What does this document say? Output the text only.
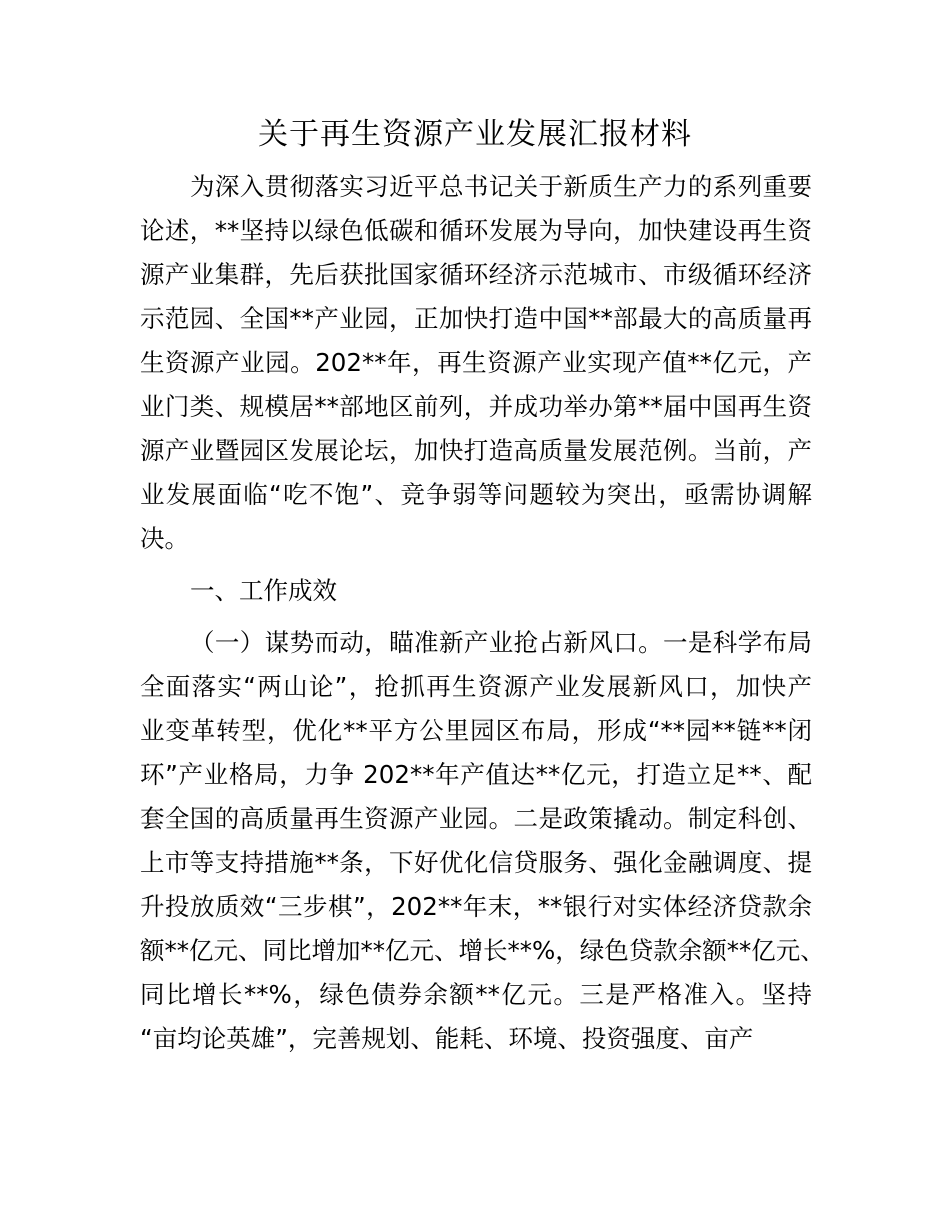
关于再生资源产业发展汇报材料
为深入贯彻落实习近平总书记关于新质生产力的系列重要
论述，**坚持以绿色低碳和循环发展为导向，加快建设再生资
源产业集群，先后获批国家循环经济示范城市、市级循环经济
示范园、全国**产业园，正加快打造中国**部最大的高质量再
生资源产业园。202**年，再生资源产业实现产值**亿元，产
业门类、规模居**部地区前列，并成功举办第**届中国再生资
源产业暨园区发展论坛，加快打造高质量发展范例。当前，产
业发展面临“吃不饱”、竞争弱等问题较为突出，亟需协调解
决。
一、工作成效
（一）谋势而动，瞄准新产业抢占新风口。一是科学布局
全面落实“两山论”，抢抓再生资源产业发展新风口，加快产
业变革转型，优化**平方公里园区布局，形成“**园**链**闭
环”产业格局，力争 202**年产值达**亿元，打造立足**、配
套全国的高质量再生资源产业园。二是政策撬动。制定科创、
上市等支持措施**条，下好优化信贷服务、强化金融调度、提
升投放质效“三步棋”，202**年末，**银行对实体经济贷款余
额**亿元、同比增加**亿元、增长**%，绿色贷款余额**亿元、
同比增长**%，绿色债券余额**亿元。三是严格准入。坚持
“亩均论英雄”，完善规划、能耗、环境、投资强度、亩产
